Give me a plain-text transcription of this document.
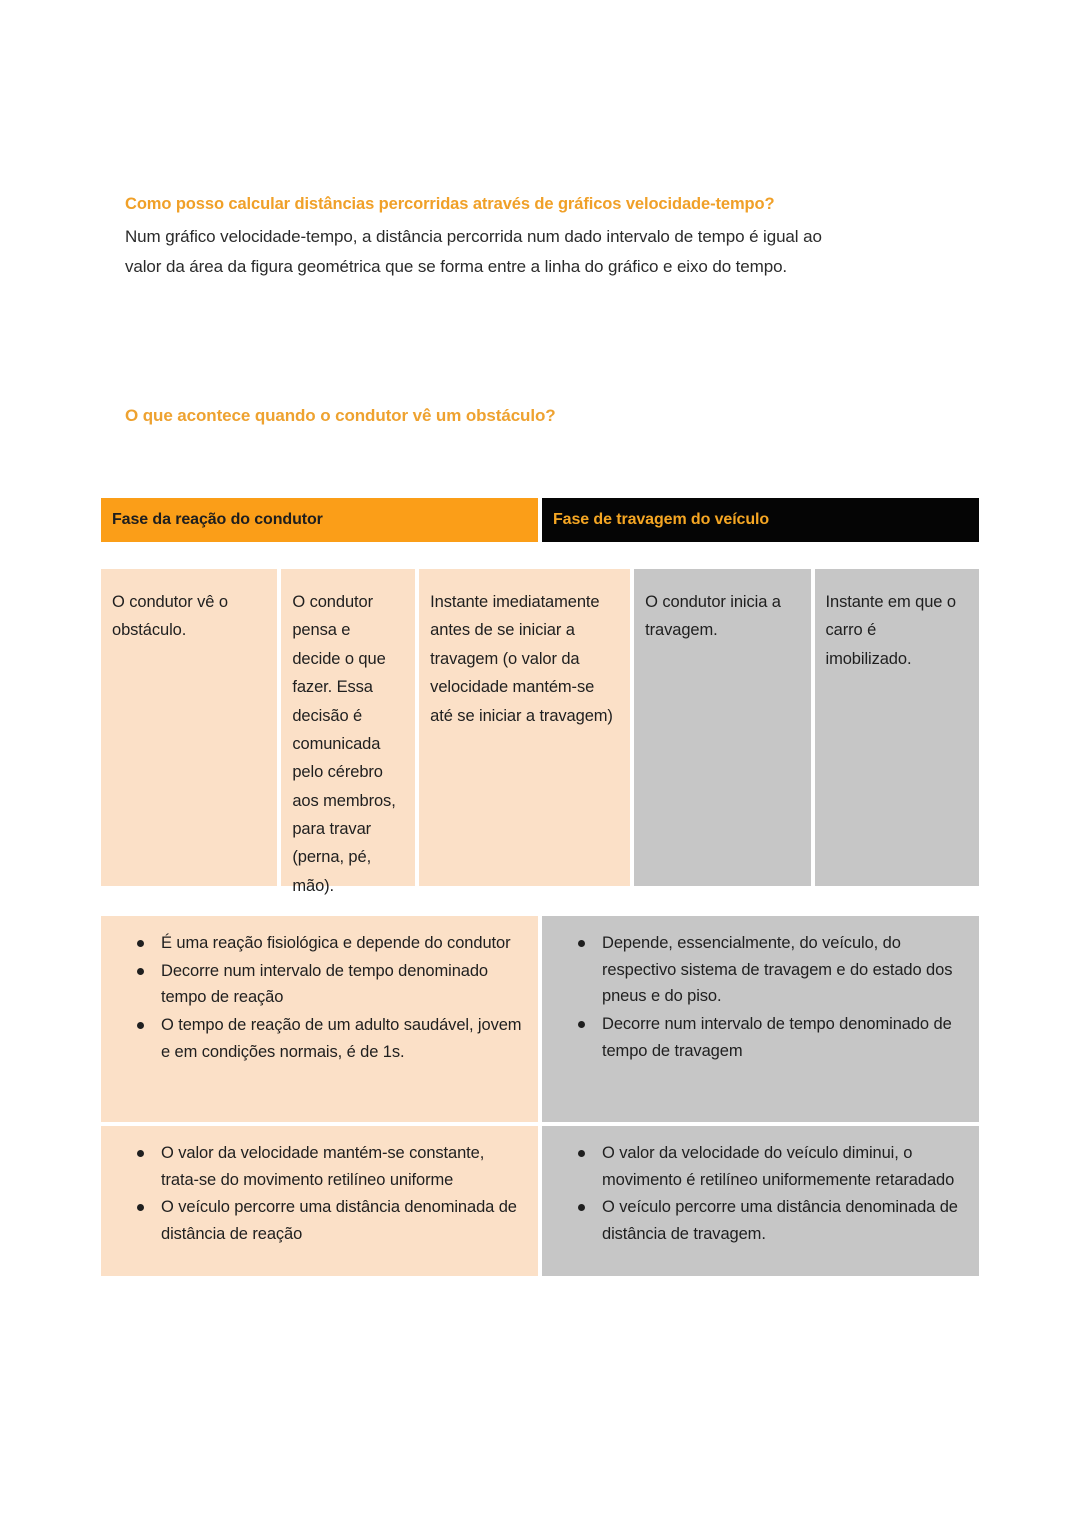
Como posso calcular distâncias percorridas através de gráficos velocidade-tempo?

Num gráfico velocidade-tempo, a distância percorrida num dado intervalo de tempo é igual ao

valor da área da figura geométrica que se forma entre a linha do gráfico e eixo do tempo.

O que acontece quando o condutor vê um obstáculo?
Fase da reação do condutor	Fase de travagem do veículo
O condutor vê o obstáculo.
O condutor pensa e decide o que fazer. Essa decisão é comunicada pelo cérebro aos membros, para travar (perna, pé, mão).
Instante imediatamente antes de se iniciar a travagem (o valor da velocidade mantém-se até se iniciar a travagem)
O condutor inicia a travagem.
Instante em que o carro é imobilizado.
É uma reação fisiológica e depende do condutor
Decorre num intervalo de tempo denominado tempo de reação
O tempo de reação de um adulto saudável, jovem e em condições normais, é de 1s.
Depende, essencialmente, do veículo, do respectivo sistema de travagem e do estado dos pneus e do piso.
Decorre num intervalo de tempo denominado de tempo de travagem
O valor da velocidade mantém-se constante, trata-se do movimento retilíneo uniforme
O veículo percorre uma distância denominada de distância de reação
O valor da velocidade do veículo diminui, o movimento é retilíneo uniformemente retaradado
O veículo percorre uma distância denominada de distância de travagem.
